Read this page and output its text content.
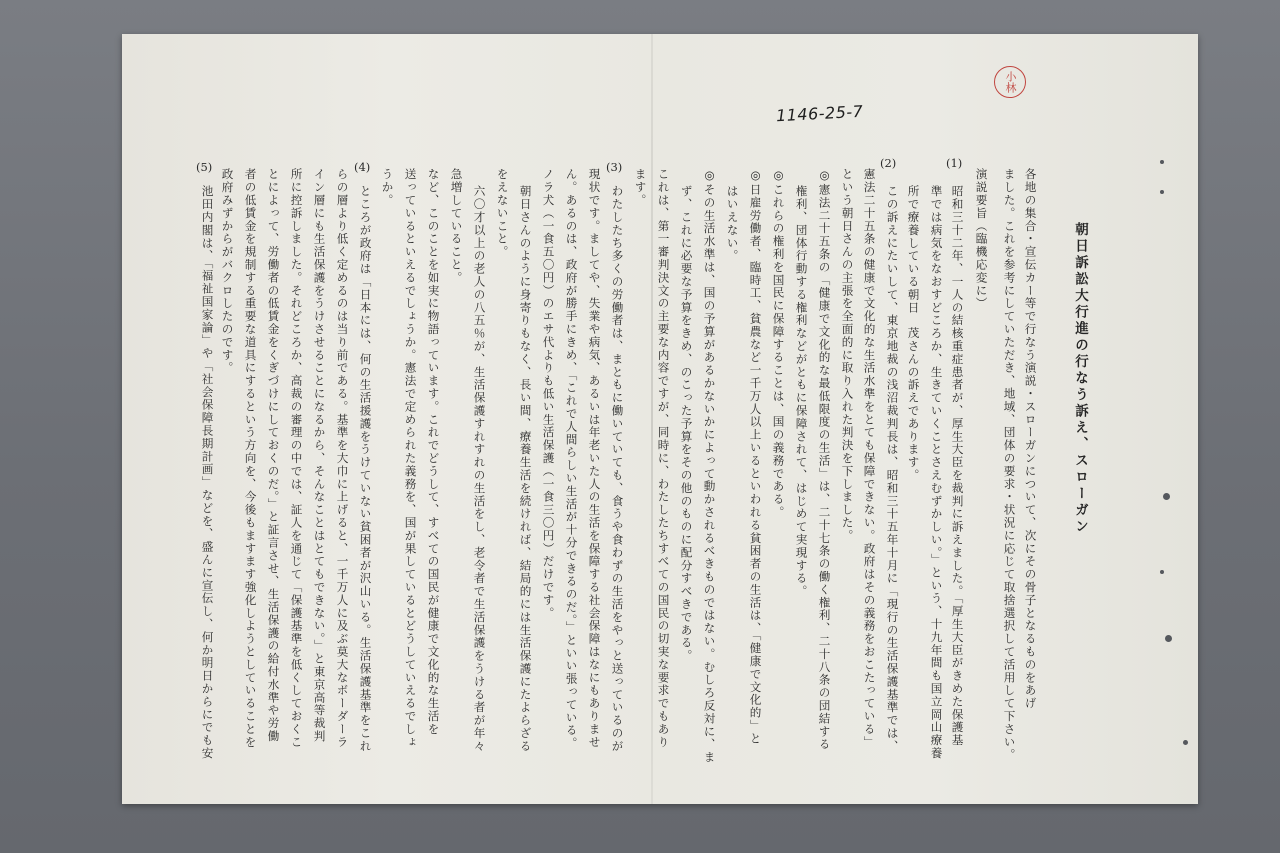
小林
1146-25-7
朝日訴訟大行進の行なう訴え、スローガン
各地の集合・宣伝カー等で行なう演説・スローガンについて、次にその骨子となるものをあげ
ました。これを参考にしていただき、地域、団体の要求・状況に応じて取捨選択して活用して下さい。
演説要旨（臨機応変に）
(1)
昭和三十二年、一人の結核重症患者が、厚生大臣を裁判に訴えました。「厚生大臣がきめた保護基
準では病気をなおすどころか、生きていくことさえむずかしい。」という、十九年間も国立岡山療養
所で療養している朝日　茂さんの訴えであります。
(2)
この訴えにたいして、東京地裁の浅沼裁判長は、昭和三十五年十月に「現行の生活保護基準では、
憲法二十五条の健康で文化的な生活水準をとても保障できない。政府はその義務をおこたっている」
という朝日さんの主張を全面的に取り入れた判決を下しました。
◎憲法二十五条の「健康で文化的な最低限度の生活」は、二十七条の働く権利、二十八条の団結する
権利、団体行動する権利などがともに保障されて、はじめて実現する。
◎これらの権利を国民に保障することは、国の義務である。
◎日雇労働者、臨時工、貧農など一千万人以上いるといわれる貧困者の生活は、「健康で文化的」と
はいえない。
◎その生活水準は、国の予算があるかないかによって動かされるべきものではない。むしろ反対に、ま
ず、これに必要な予算をきめ、のこった予算をその他のものに配分すべきである。
これは、第一審判決文の主要な内容ですが、同時に、わたしたちすべての国民の切実な要求でもあり
ます。
(3)
わたしたち多くの労働者は、まともに働いていても、食うや食わずの生活をやっと送っているのが
現状です。ましてや、失業や病気、あるいは年老いた人の生活を保障する社会保障はなにもありませ
ん。あるのは、政府が勝手にきめ、「これで人間らしい生活が十分できるのだ。」といい張っている。
ノラ犬（一食五〇円）のエサ代よりも低い生活保護（一食三〇円）だけです。
朝日さんのように身寄りもなく、長い間、療養生活を続ければ、結局的には生活保護にたよらざる
をえないこと。
六〇才以上の老人の八五％が、生活保護すれすれの生活をし、老令者で生活保護をうける者が年々
急増していること。
など、このことを如実に物語っています。これでどうして、すべての国民が健康で文化的な生活を
送っているといえるでしょうか。憲法で定められた義務を、国が果しているとどうしていえるでしょ
うか。
(4)
ところが政府は「日本には、何の生活援護をうけていない貧困者が沢山いる。生活保護基準をこれ
らの層より低く定めるのは当り前である。基準を大巾に上げると、一千万人に及ぶ莫大なボーダーラ
イン層にも生活保護をうけさせることになるから、そんなことはとてもできない。」と東京高等裁判
所に控訴しました。それどころか、高裁の審理の中では、証人を通じて「保護基準を低くしておくこ
とによって、労働者の低賃金をくぎづけにしておくのだ。」と証言させ、生活保護の給付水準や労働
者の低賃金を規制する重要な道具にするという方向を、今後もますます強化しようとしていることを
政府みずからがバクロしたのです。
(5)
池田内閣は、「福祉国家論」や「社会保障長期計画」などを、盛んに宣伝し、何か明日からにでも安
